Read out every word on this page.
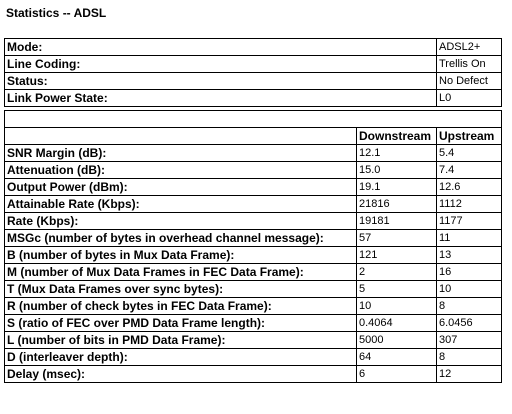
Statistics -- ADSL
Mode:	ADSL2+
Line Coding:	Trellis On
Status:	No Defect
Link Power State:	L0

	Downstream	Upstream
SNR Margin (dB):	12.1	5.4
Attenuation (dB):	15.0	7.4
Output Power (dBm):	19.1	12.6
Attainable Rate (Kbps):	21816	1112
Rate (Kbps):	19181	1177
MSGc (number of bytes in overhead channel message):	57	11
B (number of bytes in Mux Data Frame):	121	13
M (number of Mux Data Frames in FEC Data Frame):	2	16
T (Mux Data Frames over sync bytes):	5	10
R (number of check bytes in FEC Data Frame):	10	8
S (ratio of FEC over PMD Data Frame length):	0.4064	6.0456
L (number of bits in PMD Data Frame):	5000	307
D (interleaver depth):	64	8
Delay (msec):	6	12
